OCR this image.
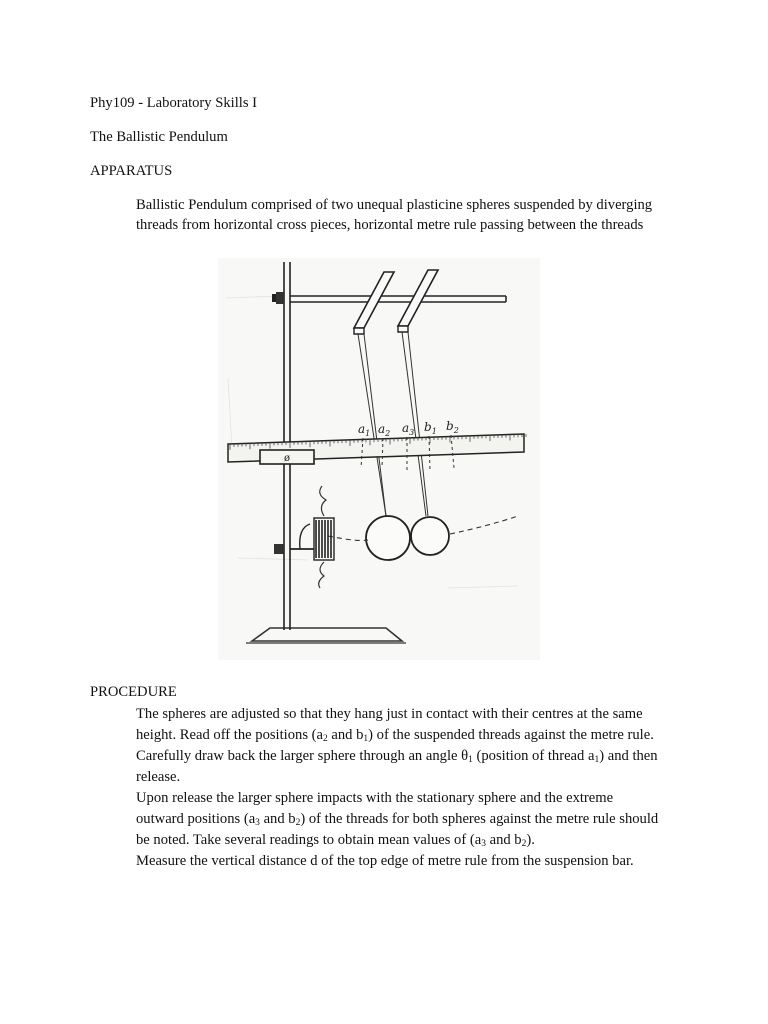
Phy109 - Laboratory Skills I
The Ballistic Pendulum
APPARATUS
Ballistic Pendulum comprised of two unequal plasticine spheres suspended by diverging
threads from horizontal cross pieces, horizontal metre rule passing between the threads
ø
$a_1$ $a_2$ $a_3$ $b_1$ $b_2$
PROCEDURE
The spheres are adjusted so that they hang just in contact with their centres at the same
height. Read off the positions ($a_2$ and $b_1$) of the suspended threads against the metre rule.
Carefully draw back the larger sphere through an angle $\theta_1$ (position of thread $a_1$) and then
release.
Upon release the larger sphere impacts with the stationary sphere and the extreme
outward positions ($a_3$ and $b_2$) of the threads for both spheres against the metre rule should
be noted. Take several readings to obtain mean values of ($a_3$ and $b_2$).
Measure the vertical distance d of the top edge of metre rule from the suspension bar.
